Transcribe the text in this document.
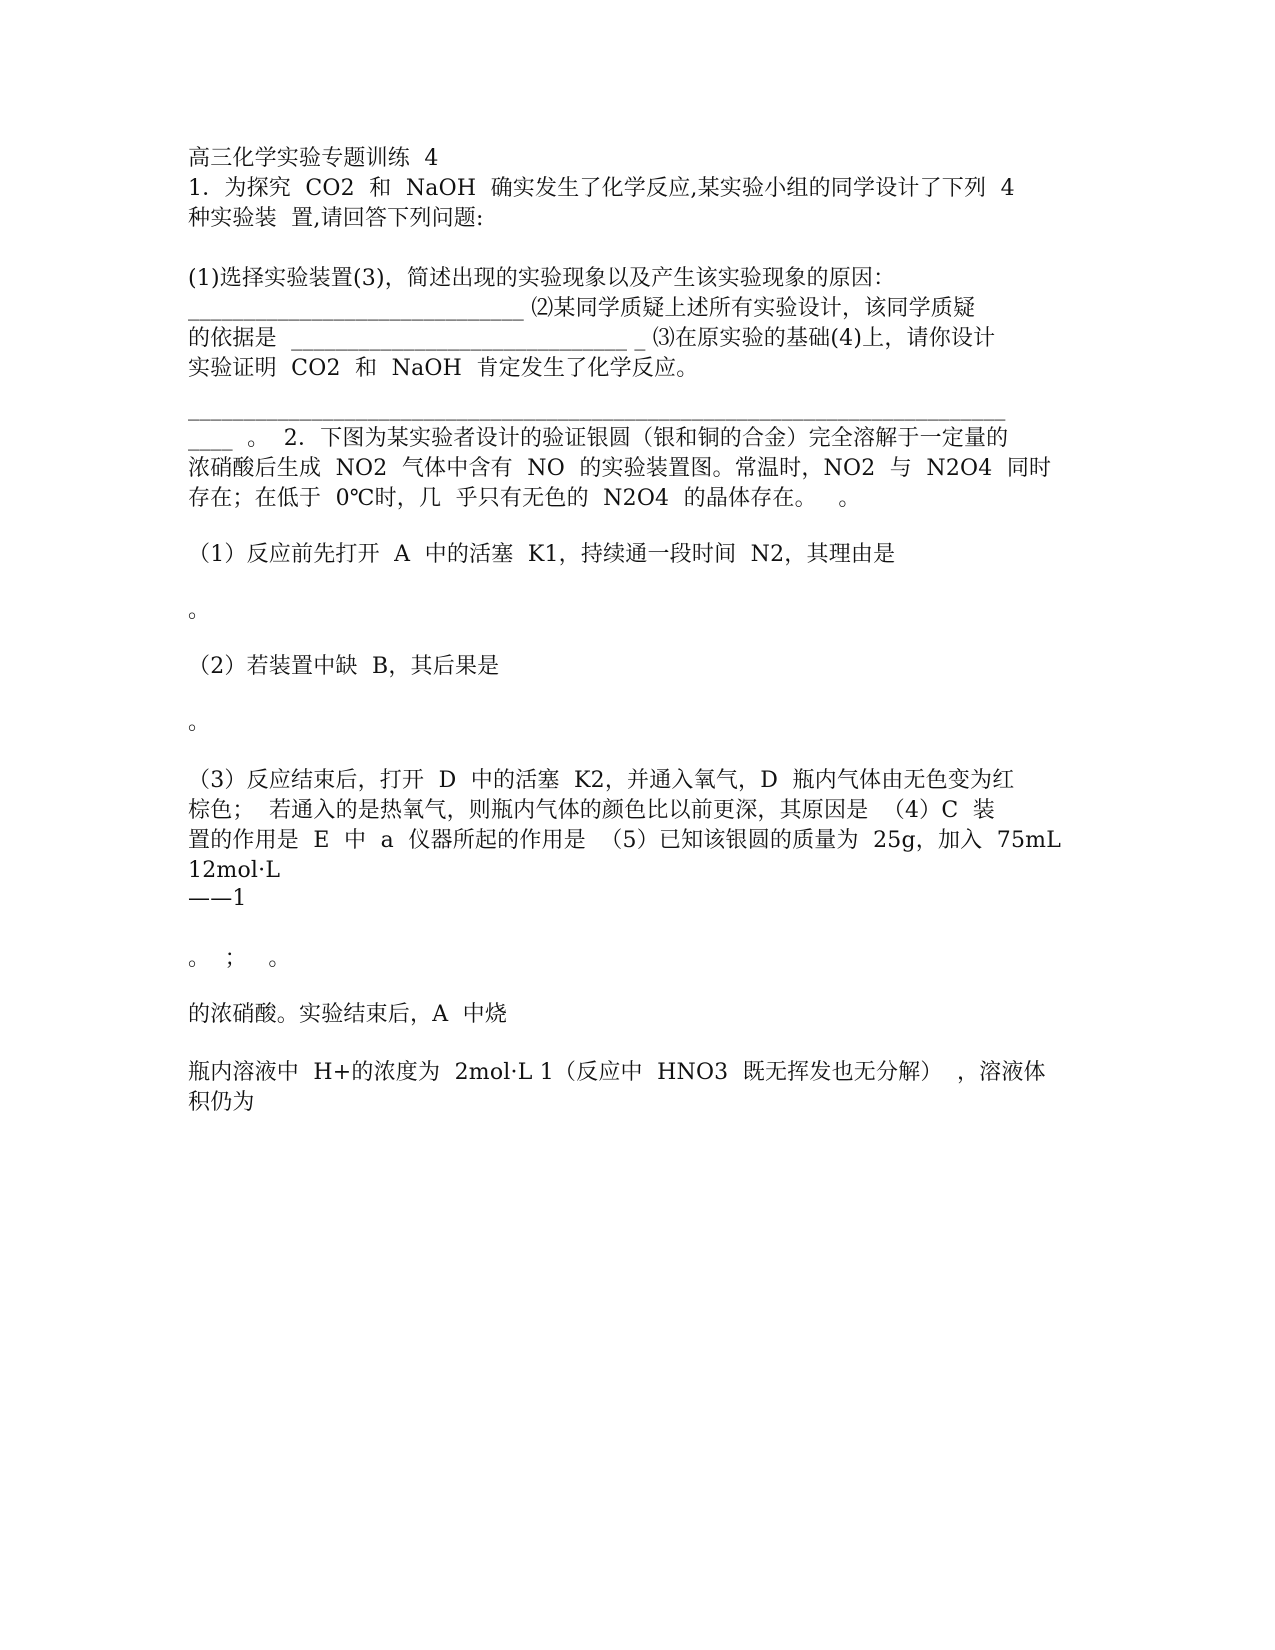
高三化学实验专题训练  4
1．为探究  CO2  和  NaOH  确实发生了化学反应,某实验小组的同学设计了下列  4
种实验装  置,请回答下列问题:
(1)选择实验装置(3)，简述出现的实验现象以及产生该实验现象的原因：
______________________________ ⑵某同学质疑上述所有实验设计，该同学质疑
的依据是  ______________________________ _ ⑶在原实验的基础(4)上，请你设计
实验证明  CO2  和  NaOH  肯定发生了化学反应。
_________________________________________________________________________
____  。  2．下图为某实验者设计的验证银圆（银和铜的合金）完全溶解于一定量的
浓硝酸后生成  NO2  气体中含有  NO  的实验装置图。常温时，NO2  与  N2O4  同时
存在；在低于  0℃时，几  乎只有无色的  N2O4  的晶体存在。   。
（1）反应前先打开  A  中的活塞  K1，持续通一段时间  N2，其理由是
。
（2）若装置中缺  B，其后果是
。
（3）反应结束后，打开  D  中的活塞  K2，并通入氧气，D  瓶内气体由无色变为红
棕色；  若通入的是热氧气，则瓶内气体的颜色比以前更深，其原因是  （4）C  装
置的作用是  E  中  a  仪器所起的作用是  （5）已知该银圆的质量为  25g，加入  75mL
12mol·L
——1
。  ；   。
的浓硝酸。实验结束后，A  中烧
瓶内溶液中  H+的浓度为  2mol·L 1（反应中  HNO3  既无挥发也无分解）  ，溶液体
积仍为
